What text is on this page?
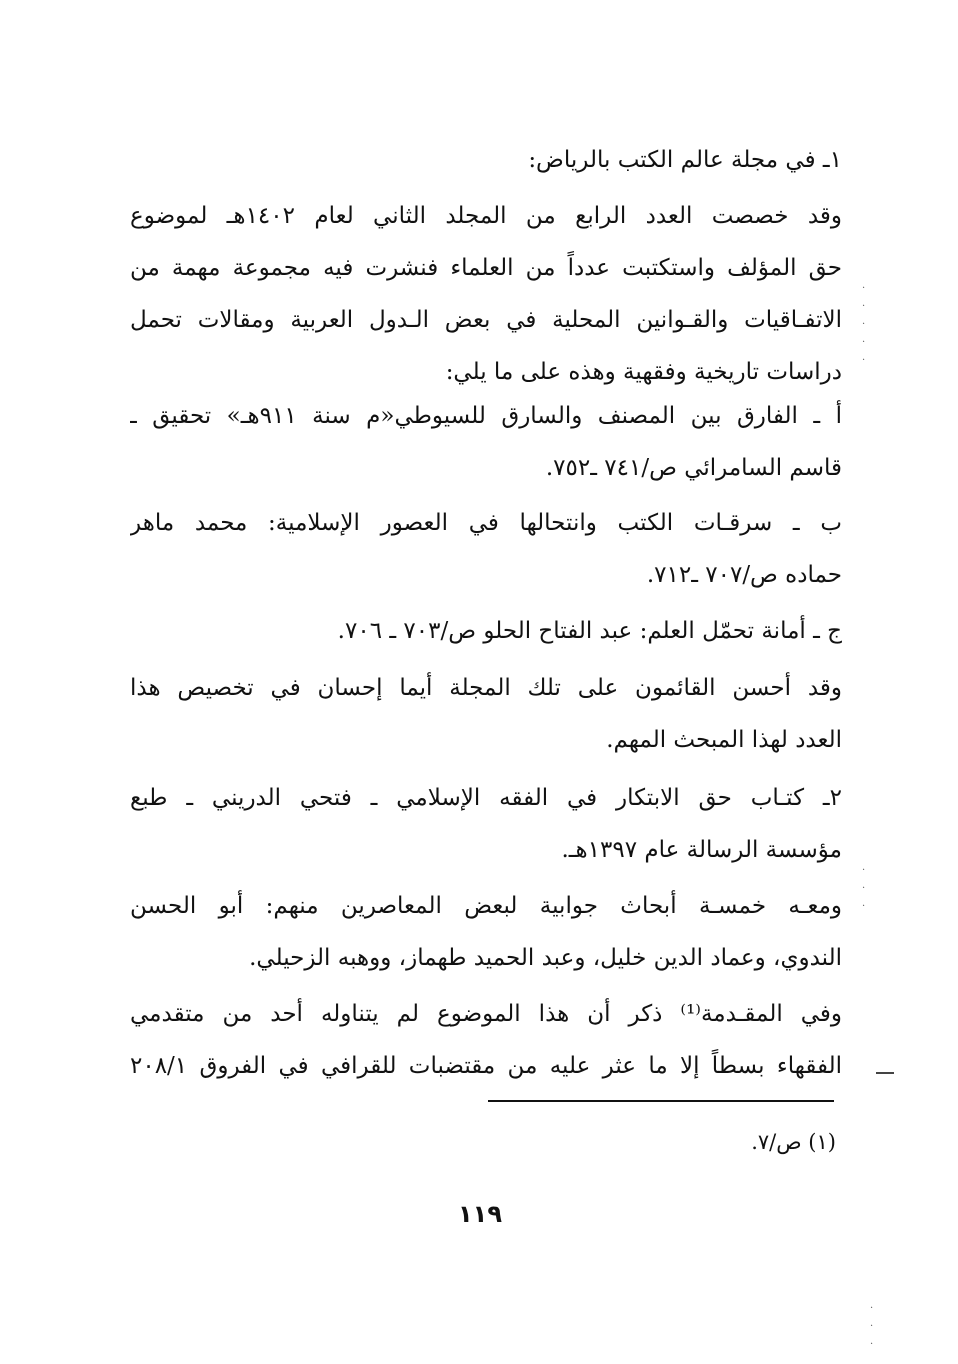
١ـ في مجلة عالم الكتب بالرياض:
وقد خصصت العدد الرابع من المجلد الثاني لعام ١٤٠٢هـ لموضوع
حق المؤلف واستكتبت عدداً من العلماء فنشرت فيه مجموعة مهمة من
الاتفـاقيات والقـوانين المحلية في بعض الـدول العربية ومقالات تحمل
دراسات تاريخية وفقهية وهذه على ما يلي:
أ ـ الفارق بين المصنف والسارق للسيوطي«م سنة ٩١١هـ» تحقيق ـ
قاسم السامرائي ص/٧٤١ ـ٧٥٢.
ب ـ سرقـات الكتب وانتحالها في العصور الإسلامية: محمد ماهر
حماده ص/٧٠٧ ـ٧١٢.
ج ـ أمانة تحمّل العلم: عبد الفتاح الحلو ص/٧٠٣ ـ ٧٠٦.
وقد أحسن القائمون على تلك المجلة أيما إحسان في تخصيص هذا
العدد لهذا المبحث المهم.
٢ـ كتـاب حق الابتكار في الفقه الإسلامي ـ فتحي الدريني ـ طبع
مؤسسة الرسالة عام ١٣٩٧هـ.
ومعـه خمسـة أبحاث جوابية لبعض المعاصرين منهم: أبو الحسن
الندوي، وعماد الدين خليل، وعبد الحميد طهماز، ووهبه الزحيلي.
وفي المقـدمة⁽¹⁾ ذكر أن هذا الموضوع لم يتناوله أحد من متقدمي
الفقهاء بسطاً إلا ما عثر عليه من مقتضبات للقرافي في الفروق ٢٠٨/١
(١) ص/٧.
١١٩
·
·
·
·
·
·
·
·
·
·
·
